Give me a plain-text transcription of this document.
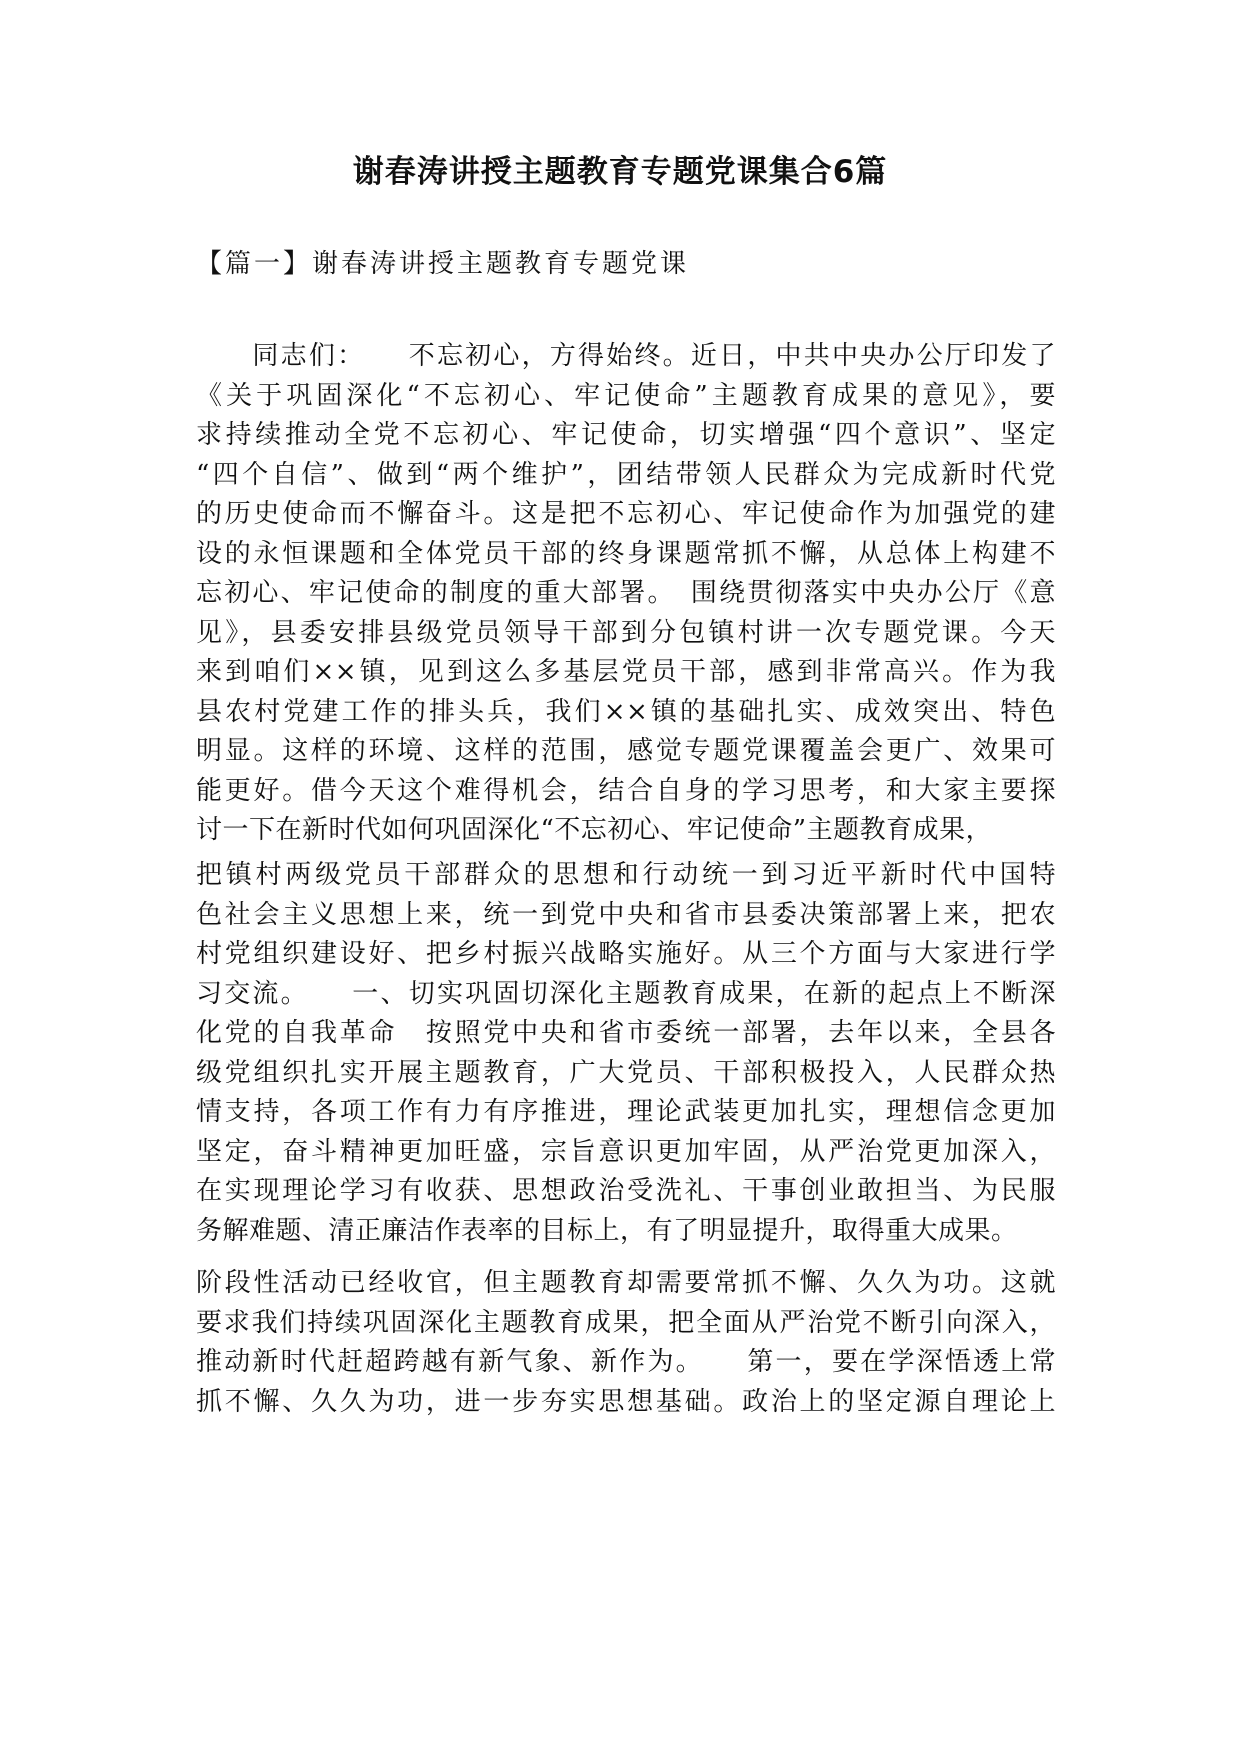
谢春涛讲授主题教育专题党课集合6篇

【篇一】谢春涛讲授主题教育专题党课

　　同志们：　　不忘初心，方得始终。近日，中共中央办公厅印发了
《关于巩固深化“不忘初心、牢记使命”主题教育成果的意见》，要
求持续推动全党不忘初心、牢记使命，切实增强“四个意识”、坚定
“四个自信”、做到“两个维护”，团结带领人民群众为完成新时代党
的历史使命而不懈奋斗。这是把不忘初心、牢记使命作为加强党的建
设的永恒课题和全体党员干部的终身课题常抓不懈，从总体上构建不
忘初心、牢记使命的制度的重大部署。　围绕贯彻落实中央办公厅《意
见》，县委安排县级党员领导干部到分包镇村讲一次专题党课。今天
来到咱们××镇，见到这么多基层党员干部，感到非常高兴。作为我
县农村党建工作的排头兵，我们××镇的基础扎实、成效突出、特色
明显。这样的环境、这样的范围，感觉专题党课覆盖会更广、效果可
能更好。借今天这个难得机会，结合自身的学习思考，和大家主要探
讨一下在新时代如何巩固深化“不忘初心、牢记使命”主题教育成果，
把镇村两级党员干部群众的思想和行动统一到习近平新时代中国特
色社会主义思想上来，统一到党中央和省市县委决策部署上来，把农
村党组织建设好、把乡村振兴战略实施好。从三个方面与大家进行学
习交流。　　一、切实巩固切深化主题教育成果，在新的起点上不断深
化党的自我革命　按照党中央和省市委统一部署，去年以来，全县各
级党组织扎实开展主题教育，广大党员、干部积极投入，人民群众热
情支持，各项工作有力有序推进，理论武装更加扎实，理想信念更加
坚定，奋斗精神更加旺盛，宗旨意识更加牢固，从严治党更加深入，
在实现理论学习有收获、思想政治受洗礼、干事创业敢担当、为民服
务解难题、清正廉洁作表率的目标上，有了明显提升，取得重大成果。
阶段性活动已经收官，但主题教育却需要常抓不懈、久久为功。这就
要求我们持续巩固深化主题教育成果，把全面从严治党不断引向深入，
推动新时代赶超跨越有新气象、新作为。　　第一，要在学深悟透上常
抓不懈、久久为功，进一步夯实思想基础。政治上的坚定源自理论上
